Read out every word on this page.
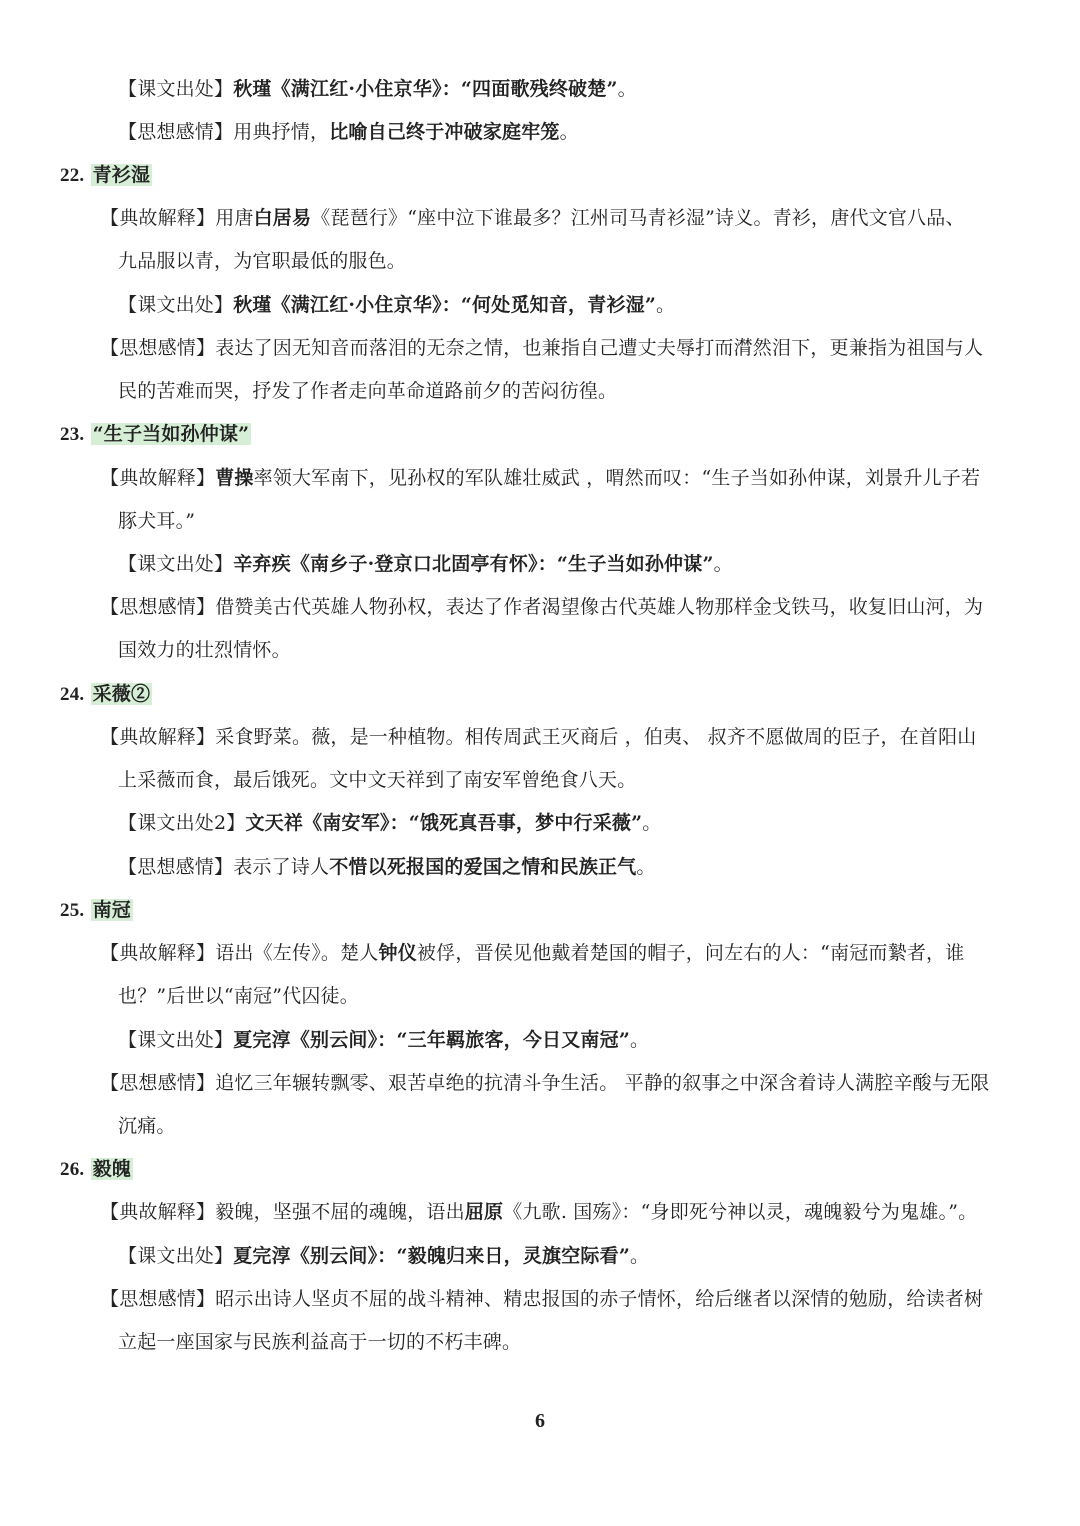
【课文出处】秋瑾《满江红·小住京华》：“四面歌残终破楚”。
【思想感情】用典抒情，比喻自己终于冲破家庭牢笼。
22. 青衫湿
【典故解释】用唐白居易《琵琶行》“座中泣下谁最多？江州司马青衫湿”诗义。青衫，唐代文官八品、
九品服以青，为官职最低的服色。
【课文出处】秋瑾《满江红·小住京华》：“何处觅知音，青衫湿”。
【思想感情】表达了因无知音而落泪的无奈之情，也兼指自己遭丈夫辱打而潸然泪下，更兼指为祖国与人
民的苦难而哭，抒发了作者走向革命道路前夕的苦闷彷徨。
23. “生子当如孙仲谋”
【典故解释】曹操率领大军南下，见孙权的军队雄壮威武 ，喟然而叹：“生子当如孙仲谋，刘景升儿子若
豚犬耳。”
【课文出处】辛弃疾《南乡子·登京口北固亭有怀》：“生子当如孙仲谋”。
【思想感情】借赞美古代英雄人物孙权，表达了作者渴望像古代英雄人物那样金戈铁马，收复旧山河，为
国效力的壮烈情怀。
24. 采薇②
【典故解释】采食野菜。薇，是一种植物。相传周武王灭商后 ，伯夷、 叔齐不愿做周的臣子，在首阳山
上采薇而食，最后饿死。文中文天祥到了南安军曾绝食八天。
【课文出处2】文天祥《南安军》：“饿死真吾事，梦中行采薇”。
【思想感情】表示了诗人不惜以死报国的爱国之情和民族正气。
25. 南冠
【典故解释】语出《左传》。楚人钟仪被俘，晋侯见他戴着楚国的帽子，问左右的人：“南冠而縶者，谁
也？”后世以“南冠”代囚徒。
【课文出处】夏完淳《别云间》：“三年羁旅客，今日又南冠”。
【思想感情】追忆三年辗转飘零、艰苦卓绝的抗清斗争生活。 平静的叙事之中深含着诗人满腔辛酸与无限
沉痛。
26. 毅魄
【典故解释】毅魄，坚强不屈的魂魄，语出屈原《九歌. 国殇》：“身即死兮神以灵，魂魄毅兮为鬼雄。”。
【课文出处】夏完淳《别云间》：“毅魄归来日，灵旗空际看”。
【思想感情】昭示出诗人坚贞不屈的战斗精神、精忠报国的赤子情怀，给后继者以深情的勉励，给读者树
立起一座国家与民族利益高于一切的不朽丰碑。
6
